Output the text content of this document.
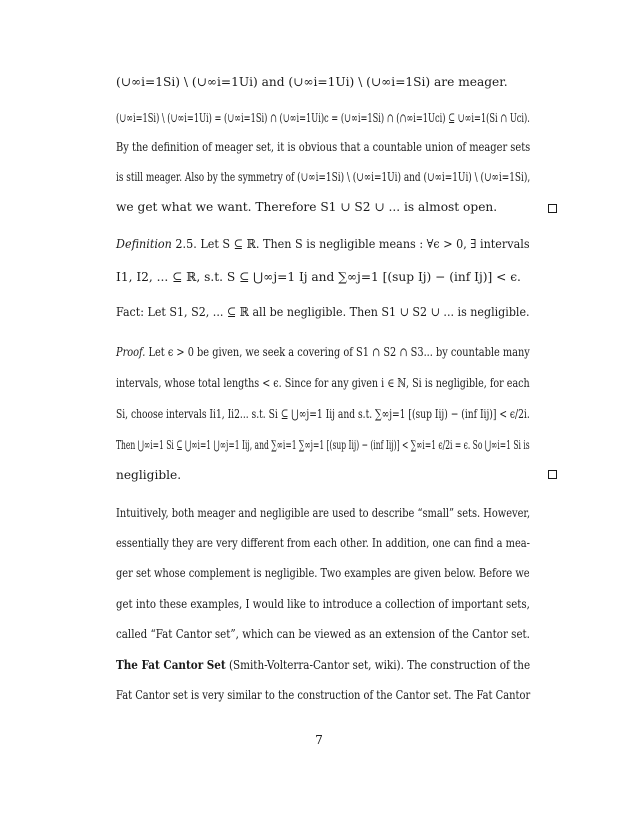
(∪∞i=1Si) \ (∪∞i=1Ui) and (∪∞i=1Ui) \ (∪∞i=1Si) are meager.
(∪∞i=1Si) \ (∪∞i=1Ui) = (∪∞i=1Si) ∩ (∪∞i=1Ui)c = (∪∞i=1Si) ∩ (∩∞i=1Uci) ⊆ ∪∞i=1(Si ∩ Uci).
By the definition of meager set, it is obvious that a countable union of meager sets
is still meager. Also by the symmetry of (∪∞i=1Si) \ (∪∞i=1Ui) and (∪∞i=1Ui) \ (∪∞i=1Si),
we get what we want. Therefore S1 ∪ S2 ∪ ... is almost open.
Definition 2.5. Let S ⊆ ℝ. Then S is negligible means : ∀ϵ > 0, ∃ intervals
I1, I2, ... ⊆ ℝ, s.t. S ⊆ ⋃∞j=1 Ij and ∑∞j=1 [(sup Ij) − (inf Ij)] < ϵ.
Fact: Let S1, S2, ... ⊆ ℝ all be negligible. Then S1 ∪ S2 ∪ ... is negligible.
Proof. Let ϵ > 0 be given, we seek a covering of S1 ∩ S2 ∩ S3... by countable many
intervals, whose total lengths < ϵ. Since for any given i ∈ ℕ, Si is negligible, for each
Si, choose intervals Ii1, Ii2... s.t. Si ⊆ ⋃∞j=1 Iij and s.t. ∑∞j=1 [(sup Iij) − (inf Iij)] < ϵ/2i.
Then ⋃∞i=1 Si ⊆ ⋃∞i=1 ⋃∞j=1 Iij, and ∑∞i=1 ∑∞j=1 [(sup Iij) − (inf Iij)] < ∑∞i=1 ϵ/2i = ϵ. So ⋃∞i=1 Si is
negligible.
Intuitively, both meager and negligible are used to describe “small” sets. However,
essentially they are very different from each other. In addition, one can find a mea-
ger set whose complement is negligible. Two examples are given below. Before we
get into these examples, I would like to introduce a collection of important sets,
called “Fat Cantor set”, which can be viewed as an extension of the Cantor set.
The Fat Cantor Set (Smith-Volterra-Cantor set, wiki). The construction of the
Fat Cantor set is very similar to the construction of the Cantor set. The Fat Cantor
7
